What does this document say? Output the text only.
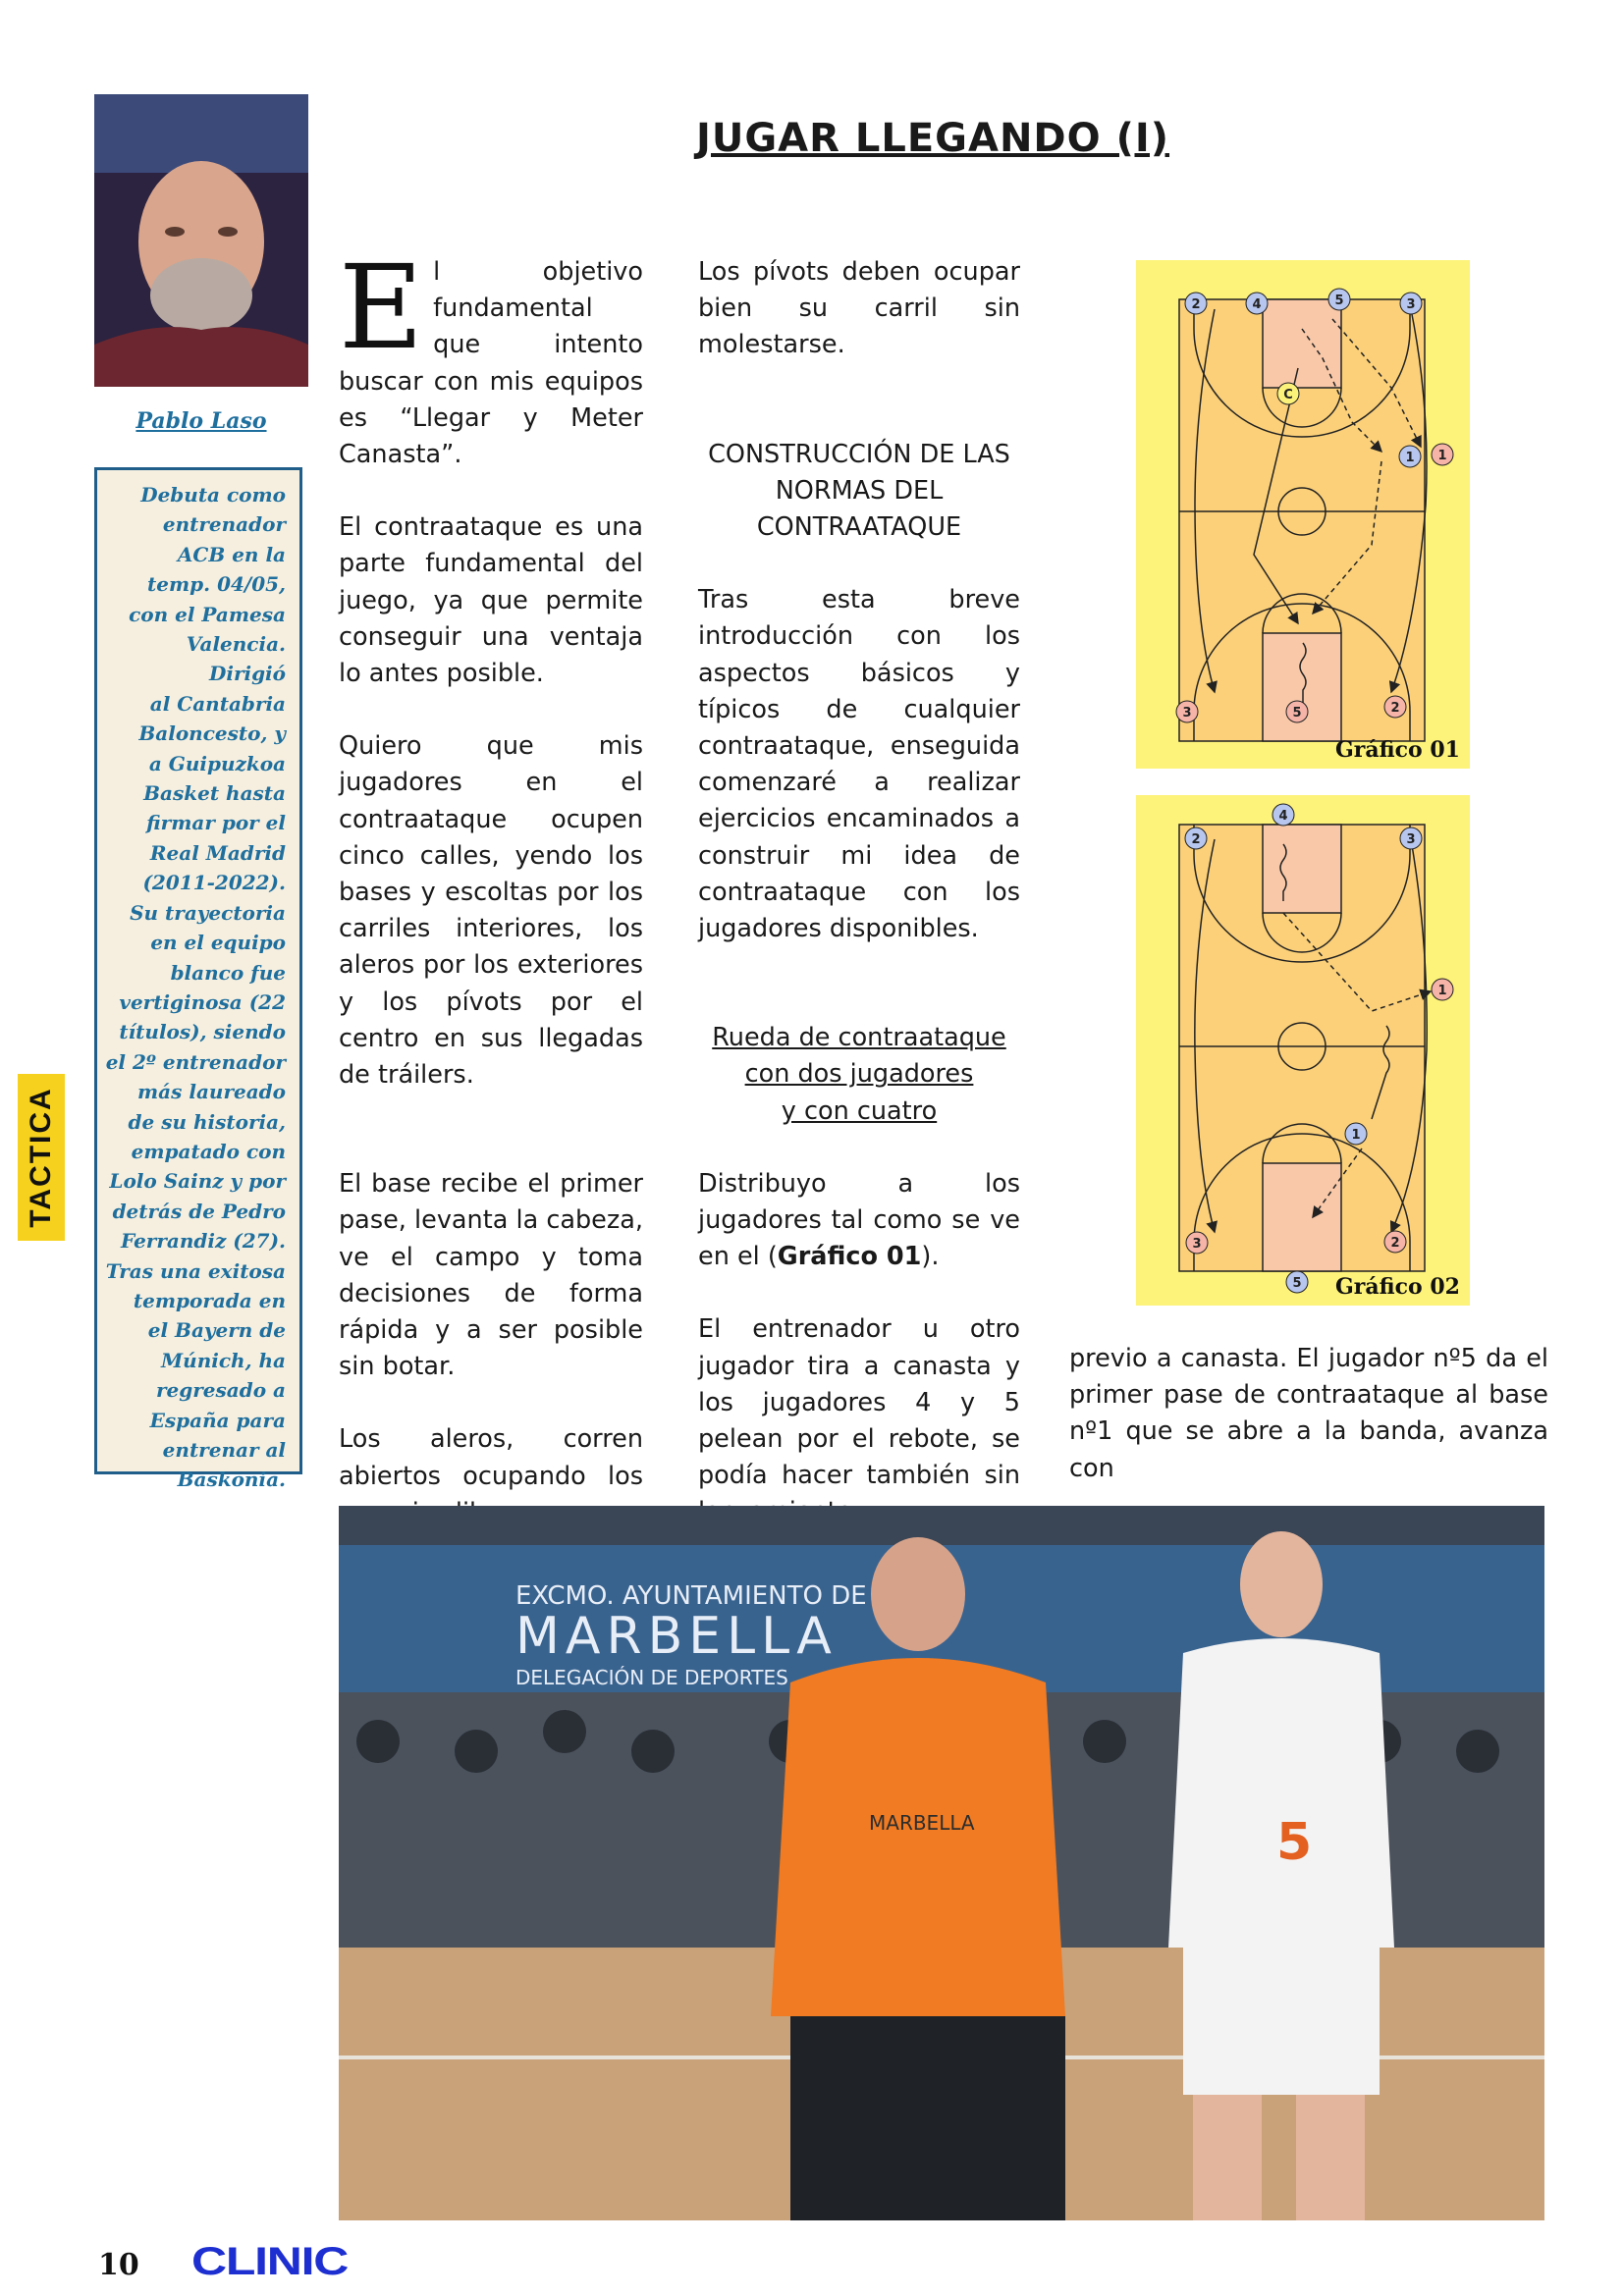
JUGAR LLEGANDO (I)
Pablo Laso

Debuta como
entrenador
ACB en la
temp. 04/05,
con el Pamesa
Valencia. Dirigió
al Cantabria
Baloncesto, y
a Guipuzkoa
Basket hasta
firmar por el
Real Madrid
(2011-2022).
Su trayectoria
en el equipo
blanco fue
vertiginosa (22
títulos), siendo
el 2º entrenador
más laureado
de su historia,
empatado con
Lolo Sainz y por
detrás de Pedro
Ferrandiz (27).
Tras una exitosa
temporada en
el Bayern de
Múnich, ha
regresado a
España para
entrenar al
Baskonia.

TACTICA
E l objetivo fundamental que intento buscar con mis equipos es “Llegar y Meter Canasta”.

El contraataque es una parte fundamental del juego, ya que permite conseguir una ventaja lo antes posible.

Quiero que mis jugadores en el contraataque ocupen cinco calles, yendo los bases y escoltas por los carriles interiores, los aleros por los exteriores y los pívots por el centro en sus llegadas de tráilers.

El base recibe el primer pase, levanta la cabeza, ve el campo y toma decisiones de forma rápida y a ser posible sin botar.

Los aleros, corren abiertos ocupando los

Los pívots deben ocupar bien su carril sin molestarse.

CONSTRUCCIÓN DE LAS NORMAS DEL CONTRAATAQUE

Tras esta breve introducción con los aspectos básicos y típicos de cualquier contraataque, enseguida comenzaré a realizar ejercicios encaminados a construir mi idea de contraataque con los jugadores disponibles.

Rueda de contraataque

con dos jugadores

y con cuatro

Distribuyo a los jugadores tal como se ve en el (Gráfico 01).

El entrenador u otro jugador tira a canasta y los jugadores 4 y 5 pelean por el rebote, se podía hacer también sin

previo a canasta. El jugador nº5 da el primer pase de contraataque al base nº1 que se abre a la banda, avanza con

2	4	5	3
C
1 1
3	5	2
Gráfico 01
4
2	3
1
1
3	2
5 Gráfico 02
EXCMO. AYUNTAMIENTO DE
MARBELLA
DELEGACIÓN DE DEPORTES
MARBELLA	5
10 CLINIC
